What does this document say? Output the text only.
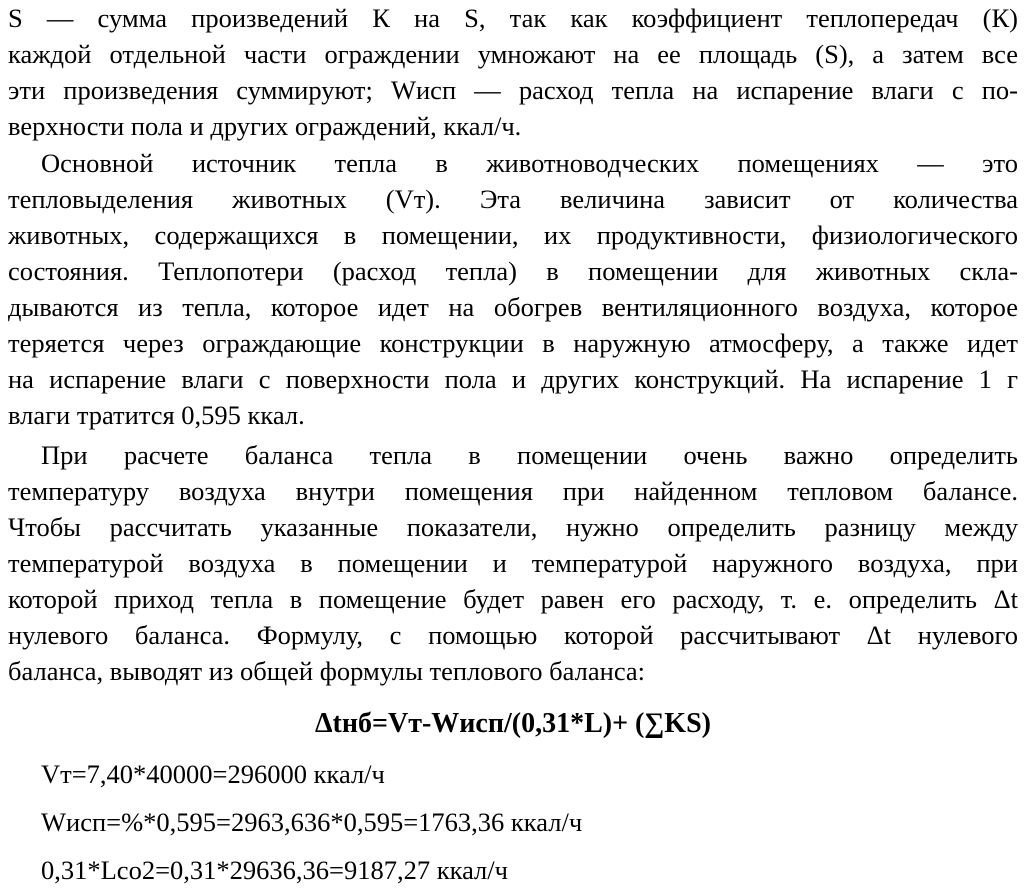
S — сумма произведений К на S, так как коэффициент теплопередач (К)
каждой отдельной части ограждении умножают на ее площадь (S), а затем все
эти произведения суммируют; Wисп — расход тепла на испарение влаги с по-
верхности пола и других ограждений, ккал/ч.
Основной источник тепла в животноводческих помещениях — это
тепловыделения животных (Vт). Эта величина зависит от количества
животных, содержащихся в помещении, их продуктивности, физиологического
состояния. Теплопотери (расход тепла) в помещении для животных скла-
дываются из тепла, которое идет на обогрев вентиляционного воздуха, которое
теряется через ограждающие конструкции в наружную атмосферу, а также идет
на испарение влаги с поверхности пола и других конструкций. На испарение 1 г
влаги тратится 0,595 ккал.
При расчете баланса тепла в помещении очень важно определить
температуру воздуха внутри помещения при найденном тепловом балансе.
Чтобы рассчитать указанные показатели, нужно определить разницу между
температурой воздуха в помещении и температурой наружного воздуха, при
которой приход тепла в помещение будет равен его расходу, т. е. определить Δt
нулевого баланса. Формулу, с помощью которой рассчитывают Δt нулевого
баланса, выводят из общей формулы теплового баланса:
Δtнб=Vт-Wисп/(0,31*L)+ (∑KS)
Vт=7,40*40000=296000 ккал/ч
Wисп=%*0,595=2963,636*0,595=1763,36 ккал/ч
0,31*Lco2=0,31*29636,36=9187,27 ккал/ч
